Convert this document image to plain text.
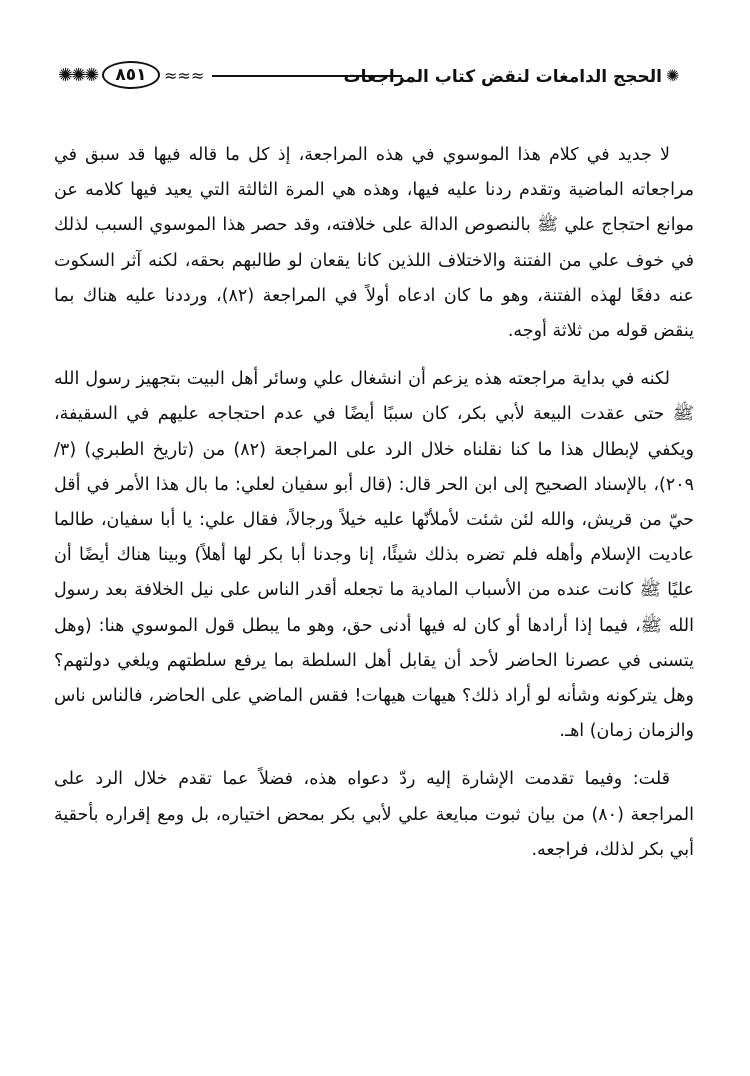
✺✺✺	٨٥١	≈≈≈	الحجج الدامغات لنقض كتاب المراجعات ✺

لا جديد في كلام هذا الموسوي في هذه المراجعة، إذ كل ما قاله فيها قد سبق في مراجعاته الماضية وتقدم ردنا عليه فيها، وهذه هي المرة الثالثة التي يعيد فيها كلامه عن موانع احتجاج علي ﷺ بالنصوص الدالة على خلافته، وقد حصر هذا الموسوي السبب لذلك في خوف علي من الفتنة والاختلاف اللذين كانا يقعان لو طالبهم بحقه، لكنه آثر السكوت عنه دفعًا لهذه الفتنة، وهو ما كان ادعاه أولاً في المراجعة (٨٢)، ورددنا عليه هناك بما ينقض قوله من ثلاثة أوجه.

لكنه في بداية مراجعته هذه يزعم أن انشغال علي وسائر أهل البيت بتجهيز رسول الله ﷺ حتى عقدت البيعة لأبي بكر، كان سببًا أيضًا في عدم احتجاجه عليهم في السقيفة، ويكفي لإبطال هذا ما كنا نقلناه خلال الرد على المراجعة (٨٢) من (تاريخ الطبري) (٣/ ٢٠٩)، بالإسناد الصحيح إلى ابن الحر قال: (قال أبو سفيان لعلي: ما بال هذا الأمر في أقل حيّ من قريش، والله لئن شئت لأملأنّها عليه خيلاً ورجالاً، فقال علي: يا أبا سفيان، طالما عاديت الإسلام وأهله فلم تضره بذلك شيئًا، إنا وجدنا أبا بكر لها أهلاً) وبينا هناك أيضًا أن عليًا ﷺ كانت عنده من الأسباب المادية ما تجعله أقدر الناس على نيل الخلافة بعد رسول الله ﷺ، فيما إذا أرادها أو كان له فيها أدنى حق، وهو ما يبطل قول الموسوي هنا: (وهل يتسنى في عصرنا الحاضر لأحد أن يقابل أهل السلطة بما يرفع سلطتهم ويلغي دولتهم؟ وهل يتركونه وشأنه لو أراد ذلك؟ هيهات هيهات! فقس الماضي على الحاضر، فالناس ناس والزمان زمان) اهـ.

قلت: وفيما تقدمت الإشارة إليه ردّ دعواه هذه، فضلاً عما تقدم خلال الرد على المراجعة (٨٠) من بيان ثبوت مبايعة علي لأبي بكر بمحض اختياره، بل ومع إقراره بأحقية أبي بكر لذلك، فراجعه.
